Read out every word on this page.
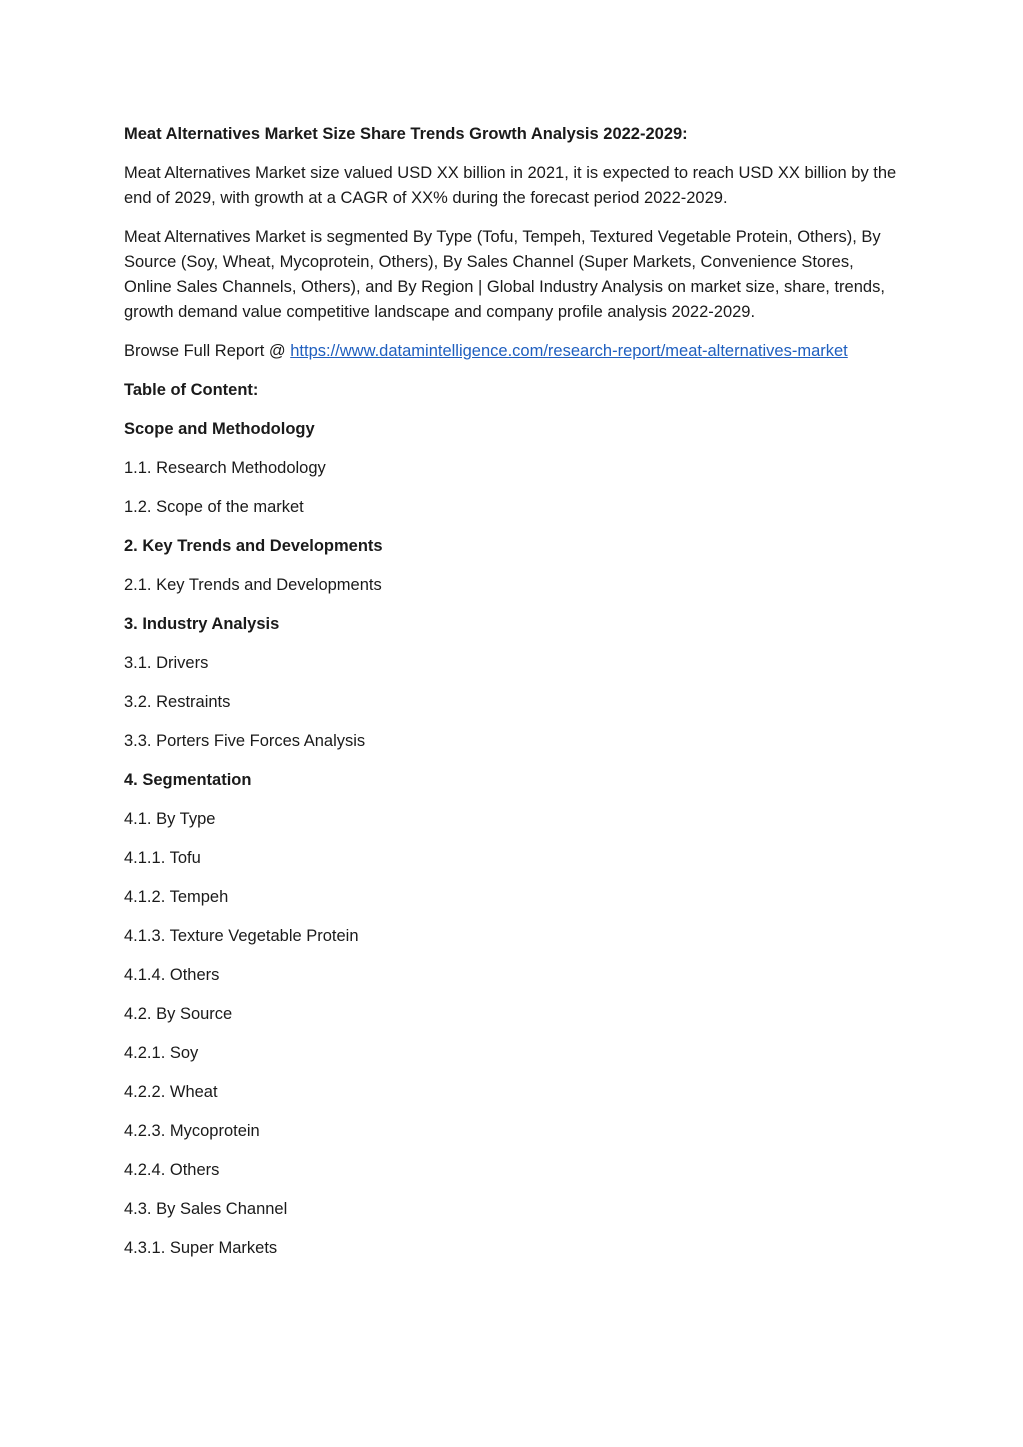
Meat Alternatives Market Size Share Trends Growth Analysis 2022-2029:
Meat Alternatives Market size valued USD XX billion in 2021, it is expected to reach USD XX billion by the end of 2029, with growth at a CAGR of XX% during the forecast period 2022-2029.
Meat Alternatives Market is segmented By Type (Tofu, Tempeh, Textured Vegetable Protein, Others), By Source (Soy, Wheat, Mycoprotein, Others), By Sales Channel (Super Markets, Convenience Stores, Online Sales Channels, Others), and By Region | Global Industry Analysis on market size, share, trends, growth demand value competitive landscape and company profile analysis 2022-2029.
Browse Full Report @ https://www.datamintelligence.com/research-report/meat-alternatives-market
Table of Content:
Scope and Methodology
1.1. Research Methodology
1.2. Scope of the market
2. Key Trends and Developments
2.1. Key Trends and Developments
3. Industry Analysis
3.1. Drivers
3.2. Restraints
3.3. Porters Five Forces Analysis
4. Segmentation
4.1. By Type
4.1.1. Tofu
4.1.2. Tempeh
4.1.3. Texture Vegetable Protein
4.1.4. Others
4.2. By Source
4.2.1. Soy
4.2.2. Wheat
4.2.3. Mycoprotein
4.2.4. Others
4.3. By Sales Channel
4.3.1. Super Markets
